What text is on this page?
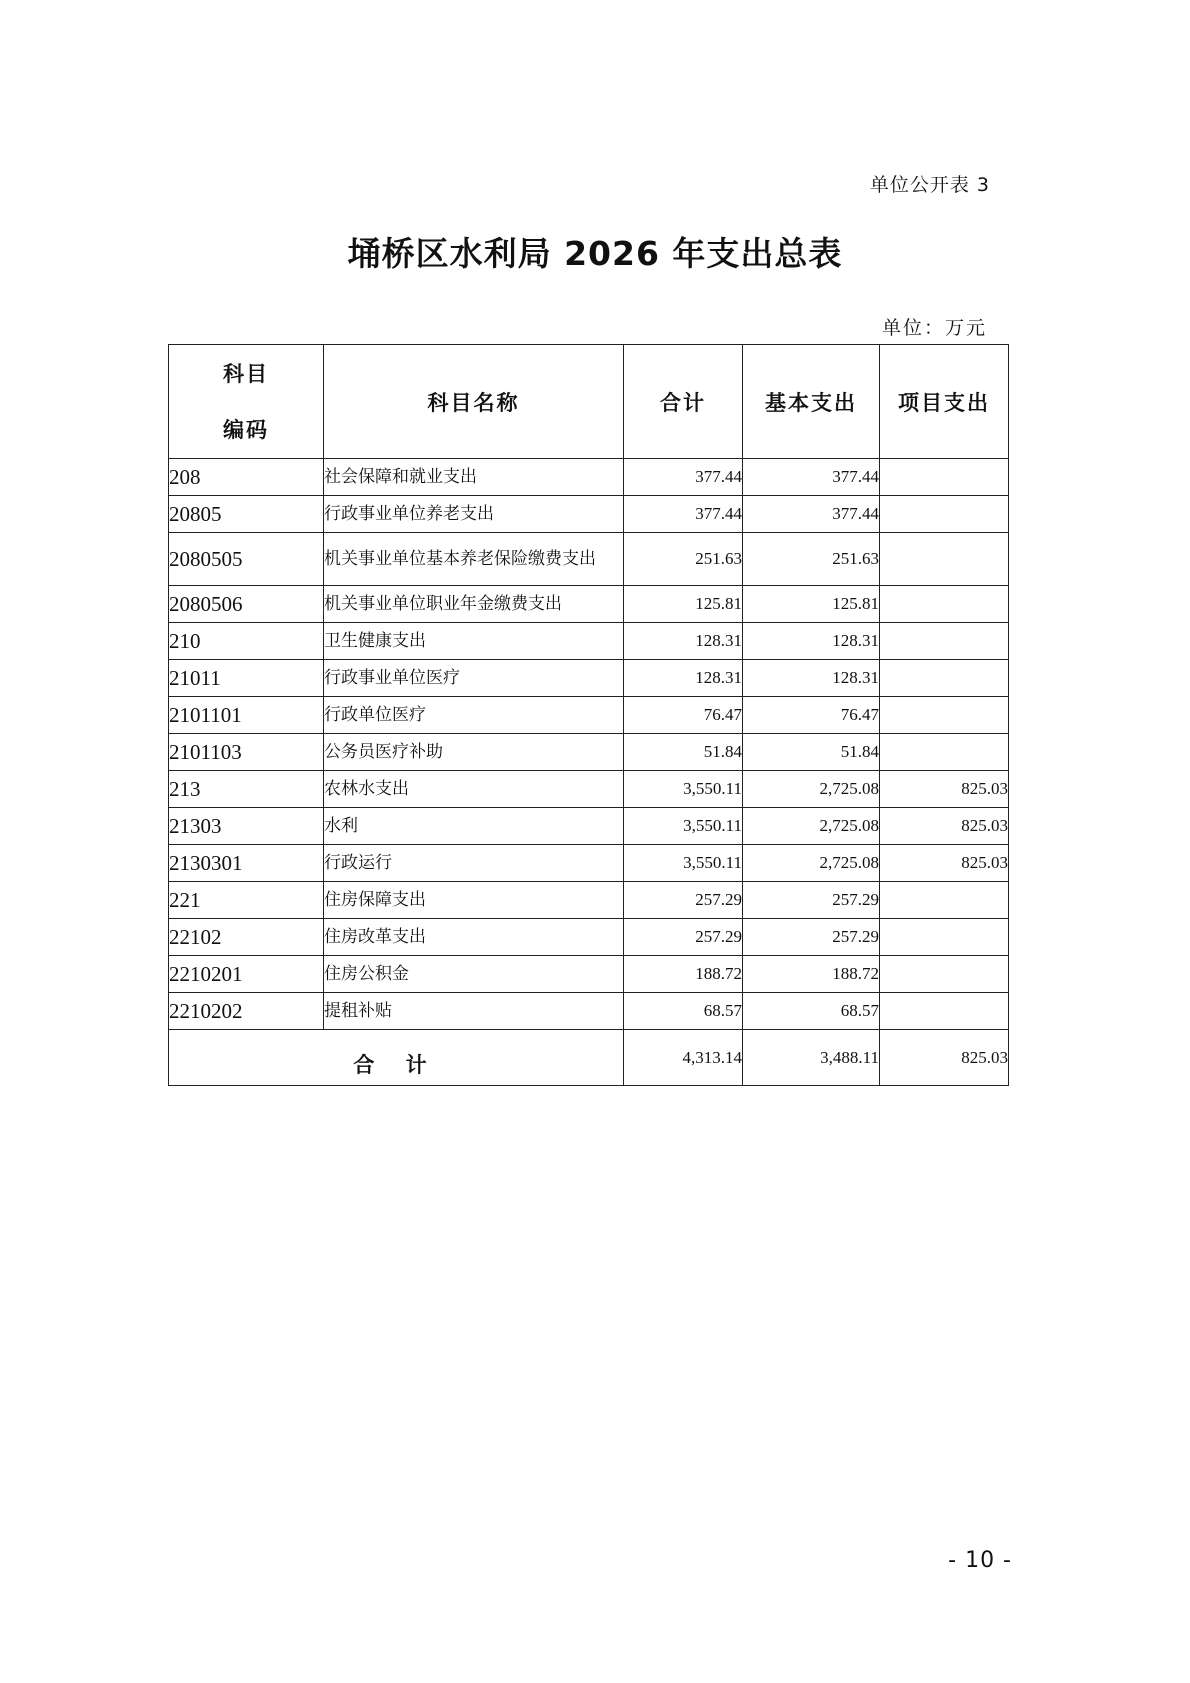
单位公开表 3
埇桥区水利局 2026 年支出总表
单位：万元
科目
编码	科目名称	合计	基本支出	项目支出
208	社会保障和就业支出	377.44	377.44	
20805	行政事业单位养老支出	377.44	377.44	
2080505	机关事业单位基本养老保险缴费支出	251.63	251.63	
2080506	机关事业单位职业年金缴费支出	125.81	125.81	
210	卫生健康支出	128.31	128.31	
21011	行政事业单位医疗	128.31	128.31	
2101101	行政单位医疗	76.47	76.47	
2101103	公务员医疗补助	51.84	51.84	
213	农林水支出	3,550.11	2,725.08	825.03
21303	水利	3,550.11	2,725.08	825.03
2130301	行政运行	3,550.11	2,725.08	825.03
221	住房保障支出	257.29	257.29	
22102	住房改革支出	257.29	257.29	
2210201	住房公积金	188.72	188.72	
2210202	提租补贴	68.57	68.57	
合 计		4,313.14	3,488.11	825.03
- 10 -
